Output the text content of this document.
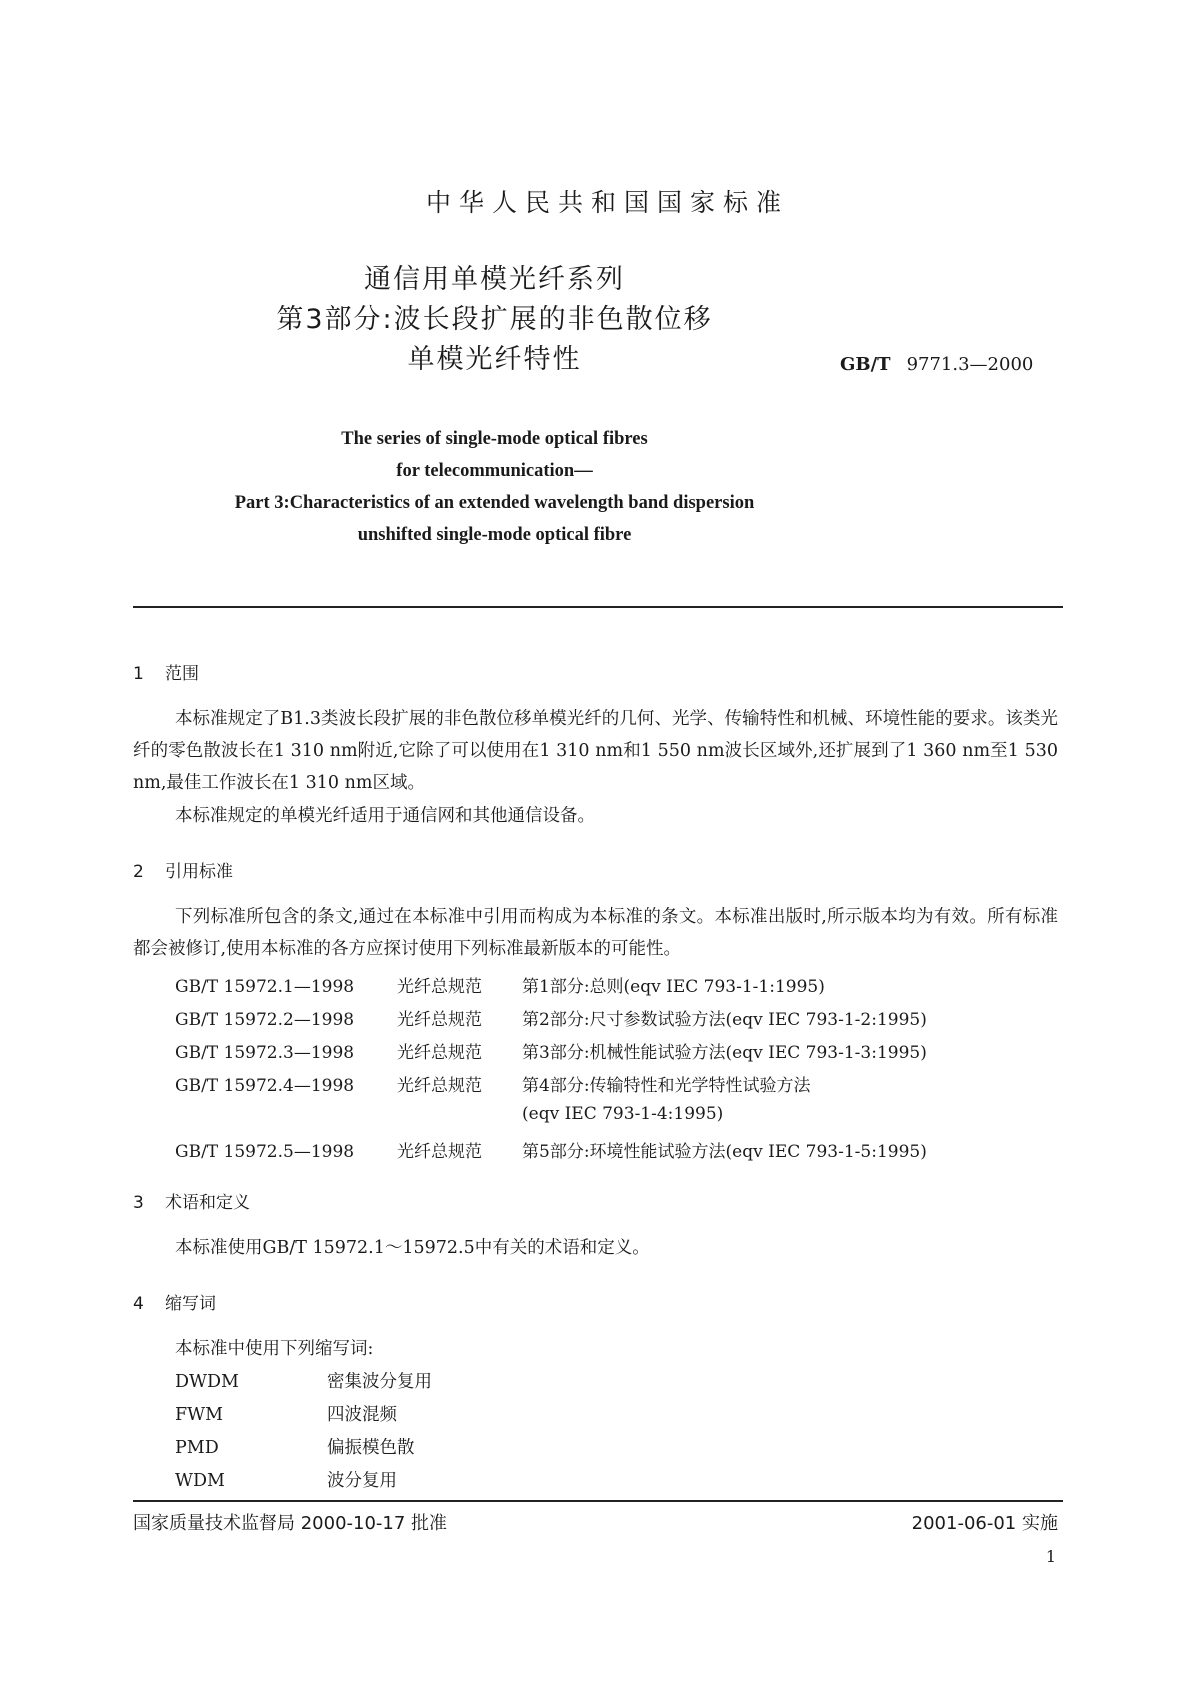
中华人民共和国国家标准
通信用单模光纤系列
第3部分:波长段扩展的非色散位移
单模光纤特性	GB/T 9771.3—2000
The series of single-mode optical fibres
for telecommunication—
Part 3:Characteristics of an extended wavelength band dispersion
unshifted single-mode optical fibre
1 范围
本标准规定了B1.3类波长段扩展的非色散位移单模光纤的几何、光学、传输特性和机械、环境性能的要求。该类光纤的零色散波长在1 310 nm附近,它除了可以使用在1 310 nm和1 550 nm波长区域外,还扩展到了1 360 nm至1 530 nm,最佳工作波长在1 310 nm区域。
本标准规定的单模光纤适用于通信网和其他通信设备。
2 引用标准
下列标准所包含的条文,通过在本标准中引用而构成为本标准的条文。本标准出版时,所示版本均为有效。所有标准都会被修订,使用本标准的各方应探讨使用下列标准最新版本的可能性。
GB/T 15972.1—1998	光纤总规范 第1部分:总则(eqv IEC 793-1-1:1995)
GB/T 15972.2—1998	光纤总规范 第2部分:尺寸参数试验方法(eqv IEC 793-1-2:1995)
GB/T 15972.3—1998	光纤总规范 第3部分:机械性能试验方法(eqv IEC 793-1-3:1995)
GB/T 15972.4—1998	光纤总规范 第4部分:传输特性和光学特性试验方法
(eqv IEC 793-1-4:1995)
GB/T 15972.5—1998	光纤总规范 第5部分:环境性能试验方法(eqv IEC 793-1-5:1995)
3 术语和定义
本标准使用GB/T 15972.1～15972.5中有关的术语和定义。
4 缩写词
本标准中使用下列缩写词:
DWDM	密集波分复用
FWM	四波混频
PMD	偏振模色散
WDM	波分复用
国家质量技术监督局 2000-10-17 批准	2001-06-01 实施
1
